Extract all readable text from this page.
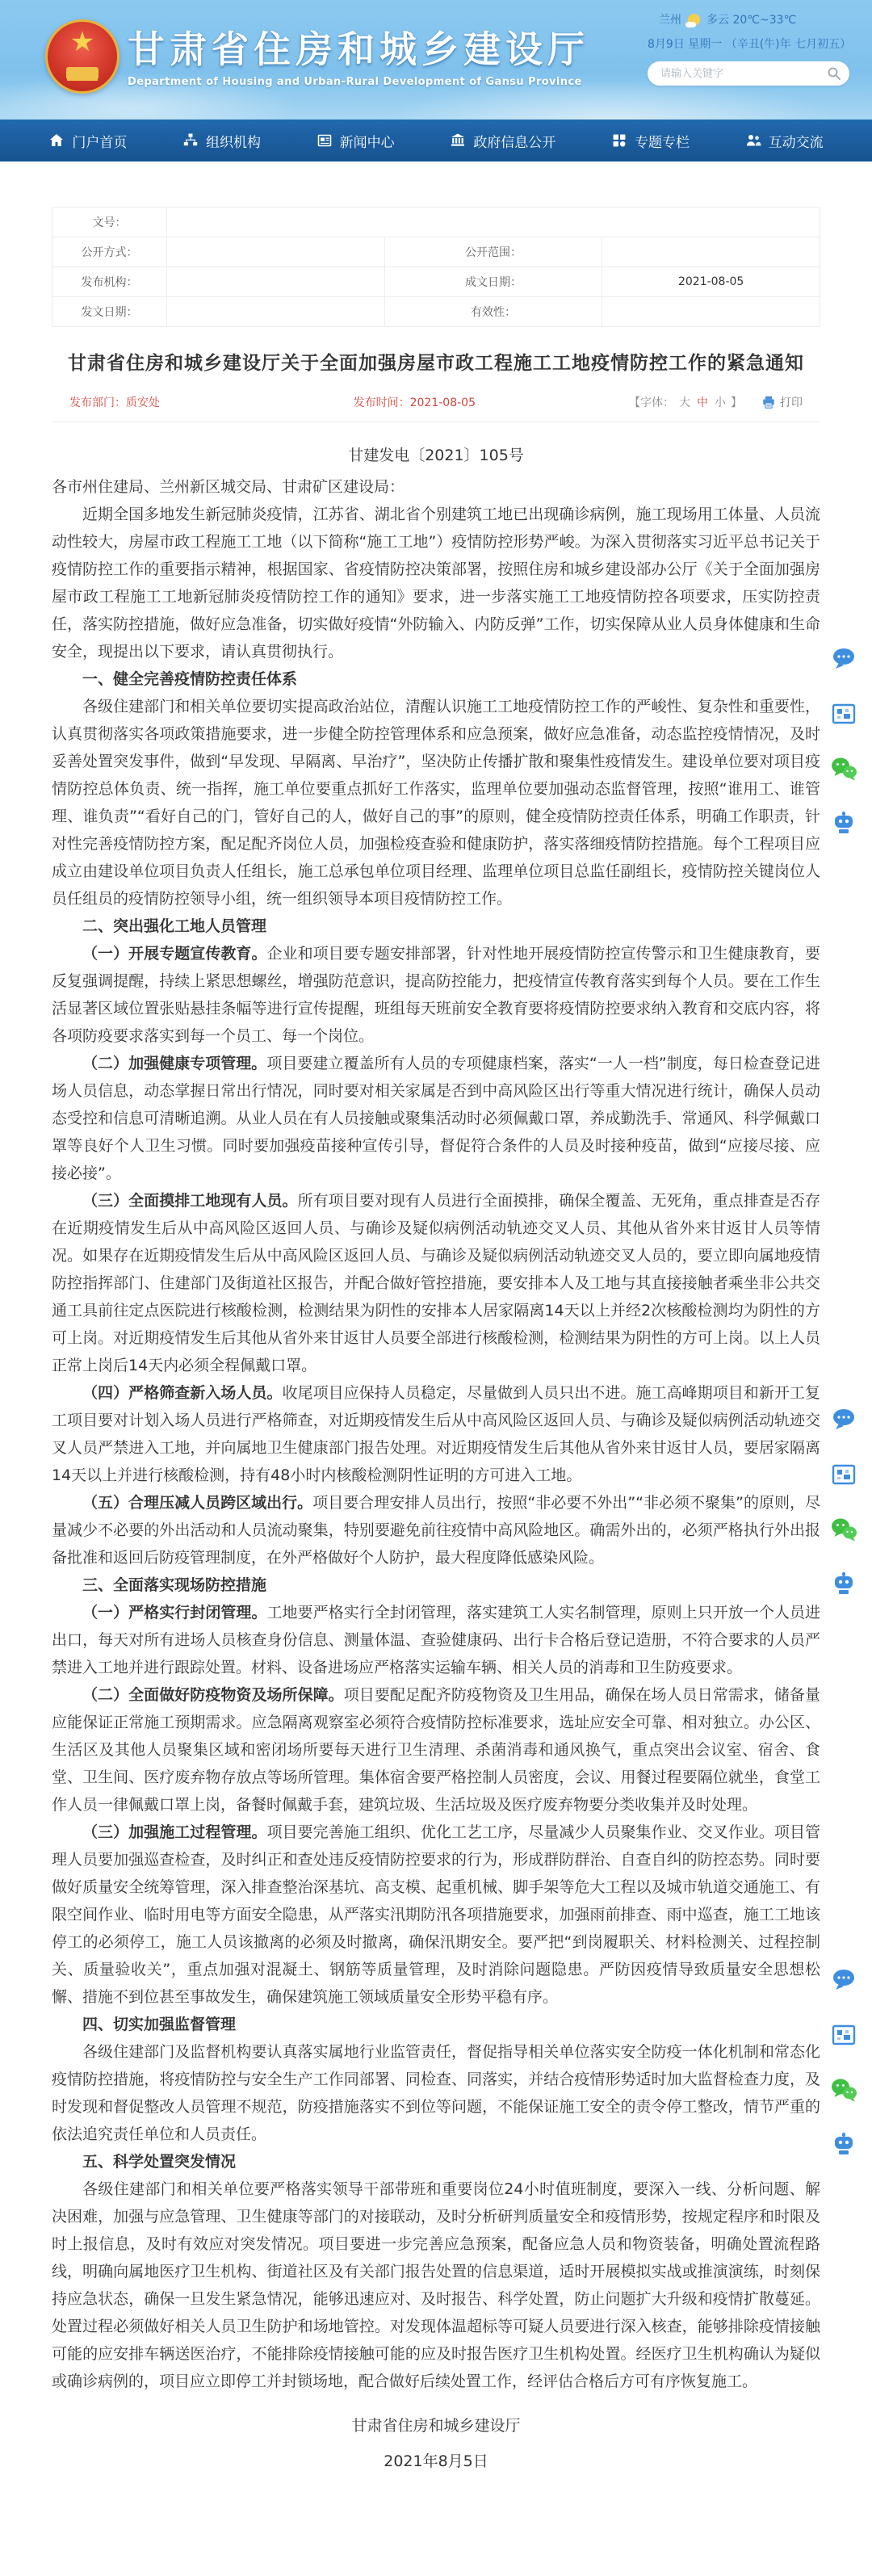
★ 甘肃省住房和城乡建设厅
Department of Housing and Urban-Rural Development of Gansu Province
兰州 多云 20℃~33℃
8月9日 星期一 （辛丑(牛)年 七月初五）
请输入关键字
门户首页	组织机构	新闻中心	政府信息公开	专题专栏	互动交流
文号：			
公开方式：		公开范围：	
发布机构：		成文日期：	2021-08-05
发文日期：		有效性：	
甘肃省住房和城乡建设厅关于全面加强房屋市政工程施工工地疫情防控工作的紧急通知
发布部门：质安处	发布时间：2021-08-05	【字体： 大 中 小 】	打印
甘建发电〔2021〕105号

各市州住建局、兰州新区城交局、甘肃矿区建设局：

近期全国多地发生新冠肺炎疫情，江苏省、湖北省个别建筑工地已出现确诊病例，施工现场用工体量、人员流动性较大，房屋市政工程施工工地（以下简称“施工工地”）疫情防控形势严峻。为深入贯彻落实习近平总书记关于疫情防控工作的重要指示精神，根据国家、省疫情防控决策部署，按照住房和城乡建设部办公厅《关于全面加强房屋市政工程施工工地新冠肺炎疫情防控工作的通知》要求，进一步落实施工工地疫情防控各项要求，压实防控责任，落实防控措施，做好应急准备，切实做好疫情“外防输入、内防反弹”工作，切实保障从业人员身体健康和生命安全，现提出以下要求，请认真贯彻执行。

一、健全完善疫情防控责任体系

各级住建部门和相关单位要切实提高政治站位，清醒认识施工工地疫情防控工作的严峻性、复杂性和重要性，认真贯彻落实各项政策措施要求，进一步健全防控管理体系和应急预案，做好应急准备，动态监控疫情情况，及时妥善处置突发事件，做到“早发现、早隔离、早治疗”，坚决防止传播扩散和聚集性疫情发生。建设单位要对项目疫情防控总体负责、统一指挥，施工单位要重点抓好工作落实，监理单位要加强动态监督管理，按照“谁用工、谁管理、谁负责”“看好自己的门，管好自己的人，做好自己的事”的原则，健全疫情防控责任体系，明确工作职责，针对性完善疫情防控方案，配足配齐岗位人员，加强检疫查验和健康防护，落实落细疫情防控措施。每个工程项目应成立由建设单位项目负责人任组长，施工总承包单位项目经理、监理单位项目总监任副组长，疫情防控关键岗位人员任组员的疫情防控领导小组，统一组织领导本项目疫情防控工作。

二、突出强化工地人员管理

（一）开展专题宣传教育。企业和项目要专题安排部署，针对性地开展疫情防控宣传警示和卫生健康教育，要反复强调提醒，持续上紧思想螺丝，增强防范意识，提高防控能力，把疫情宣传教育落实到每个人员。要在工作生活显著区域位置张贴悬挂条幅等进行宣传提醒，班组每天班前安全教育要将疫情防控要求纳入教育和交底内容，将各项防疫要求落实到每一个员工、每一个岗位。

（二）加强健康专项管理。项目要建立覆盖所有人员的专项健康档案，落实“一人一档”制度，每日检查登记进场人员信息，动态掌握日常出行情况，同时要对相关家属是否到中高风险区出行等重大情况进行统计，确保人员动态受控和信息可清晰追溯。从业人员在有人员接触或聚集活动时必须佩戴口罩，养成勤洗手、常通风、科学佩戴口罩等良好个人卫生习惯。同时要加强疫苗接种宣传引导，督促符合条件的人员及时接种疫苗，做到“应接尽接、应接必接”。

（三）全面摸排工地现有人员。所有项目要对现有人员进行全面摸排，确保全覆盖、无死角，重点排查是否存在近期疫情发生后从中高风险区返回人员、与确诊及疑似病例活动轨迹交叉人员、其他从省外来甘返甘人员等情况。如果存在近期疫情发生后从中高风险区返回人员、与确诊及疑似病例活动轨迹交叉人员的，要立即向属地疫情防控指挥部门、住建部门及街道社区报告，并配合做好管控措施，要安排本人及工地与其直接接触者乘坐非公共交通工具前往定点医院进行核酸检测，检测结果为阴性的安排本人居家隔离14天以上并经2次核酸检测均为阴性的方可上岗。对近期疫情发生后其他从省外来甘返甘人员要全部进行核酸检测，检测结果为阴性的方可上岗。以上人员正常上岗后14天内必须全程佩戴口罩。

（四）严格筛查新入场人员。收尾项目应保持人员稳定，尽量做到人员只出不进。施工高峰期项目和新开工复工项目要对计划入场人员进行严格筛查，对近期疫情发生后从中高风险区返回人员、与确诊及疑似病例活动轨迹交叉人员严禁进入工地，并向属地卫生健康部门报告处理。对近期疫情发生后其他从省外来甘返甘人员，要居家隔离14天以上并进行核酸检测，持有48小时内核酸检测阴性证明的方可进入工地。

（五）合理压减人员跨区域出行。项目要合理安排人员出行，按照“非必要不外出”“非必须不聚集”的原则，尽量减少不必要的外出活动和人员流动聚集，特别要避免前往疫情中高风险地区。确需外出的，必须严格执行外出报备批准和返回后防疫管理制度，在外严格做好个人防护，最大程度降低感染风险。

三、全面落实现场防控措施

（一）严格实行封闭管理。工地要严格实行全封闭管理，落实建筑工人实名制管理，原则上只开放一个人员进出口，每天对所有进场人员核查身份信息、测量体温、查验健康码、出行卡合格后登记造册，不符合要求的人员严禁进入工地并进行跟踪处置。材料、设备进场应严格落实运输车辆、相关人员的消毒和卫生防疫要求。

（二）全面做好防疫物资及场所保障。项目要配足配齐防疫物资及卫生用品，确保在场人员日常需求，储备量应能保证正常施工预期需求。应急隔离观察室必须符合疫情防控标准要求，选址应安全可靠、相对独立。办公区、生活区及其他人员聚集区域和密闭场所要每天进行卫生清理、杀菌消毒和通风换气，重点突出会议室、宿舍、食堂、卫生间、医疗废弃物存放点等场所管理。集体宿舍要严格控制人员密度，会议、用餐过程要隔位就坐，食堂工作人员一律佩戴口罩上岗，备餐时佩戴手套，建筑垃圾、生活垃圾及医疗废弃物要分类收集并及时处理。

（三）加强施工过程管理。项目要完善施工组织、优化工艺工序，尽量减少人员聚集作业、交叉作业。项目管理人员要加强巡查检查，及时纠正和查处违反疫情防控要求的行为，形成群防群治、自查自纠的防控态势。同时要做好质量安全统筹管理，深入排查整治深基坑、高支模、起重机械、脚手架等危大工程以及城市轨道交通施工、有限空间作业、临时用电等方面安全隐患，从严落实汛期防汛各项措施要求，加强雨前排查、雨中巡查，施工工地该停工的必须停工，施工人员该撤离的必须及时撤离，确保汛期安全。要严把“到岗履职关、材料检测关、过程控制关、质量验收关”，重点加强对混凝土、钢筋等质量管理，及时消除问题隐患。严防因疫情导致质量安全思想松懈、措施不到位甚至事故发生，确保建筑施工领域质量安全形势平稳有序。

四、切实加强监督管理

各级住建部门及监督机构要认真落实属地行业监管责任，督促指导相关单位落实安全防疫一体化机制和常态化疫情防控措施，将疫情防控与安全生产工作同部署、同检查、同落实，并结合疫情形势适时加大监督检查力度，及时发现和督促整改人员管理不规范，防疫措施落实不到位等问题，不能保证施工安全的责令停工整改，情节严重的依法追究责任单位和人员责任。

五、科学处置突发情况

各级住建部门和相关单位要严格落实领导干部带班和重要岗位24小时值班制度，要深入一线、分析问题、解决困难，加强与应急管理、卫生健康等部门的对接联动，及时分析研判质量安全和疫情形势，按规定程序和时限及时上报信息，及时有效应对突发情况。项目要进一步完善应急预案，配备应急人员和物资装备，明确处置流程路线，明确向属地医疗卫生机构、街道社区及有关部门报告处置的信息渠道，适时开展模拟实战或推演演练，时刻保持应急状态，确保一旦发生紧急情况，能够迅速应对、及时报告、科学处置，防止问题扩大升级和疫情扩散蔓延。处置过程必须做好相关人员卫生防护和场地管控。对发现体温超标等可疑人员要进行深入核查，能够排除疫情接触可能的应安排车辆送医治疗，不能排除疫情接触可能的应及时报告医疗卫生机构处置。经医疗卫生机构确认为疑似或确诊病例的，项目应立即停工并封锁场地，配合做好后续处置工作，经评估合格后方可有序恢复施工。

甘肃省住房和城乡建设厅
2021年8月5日
